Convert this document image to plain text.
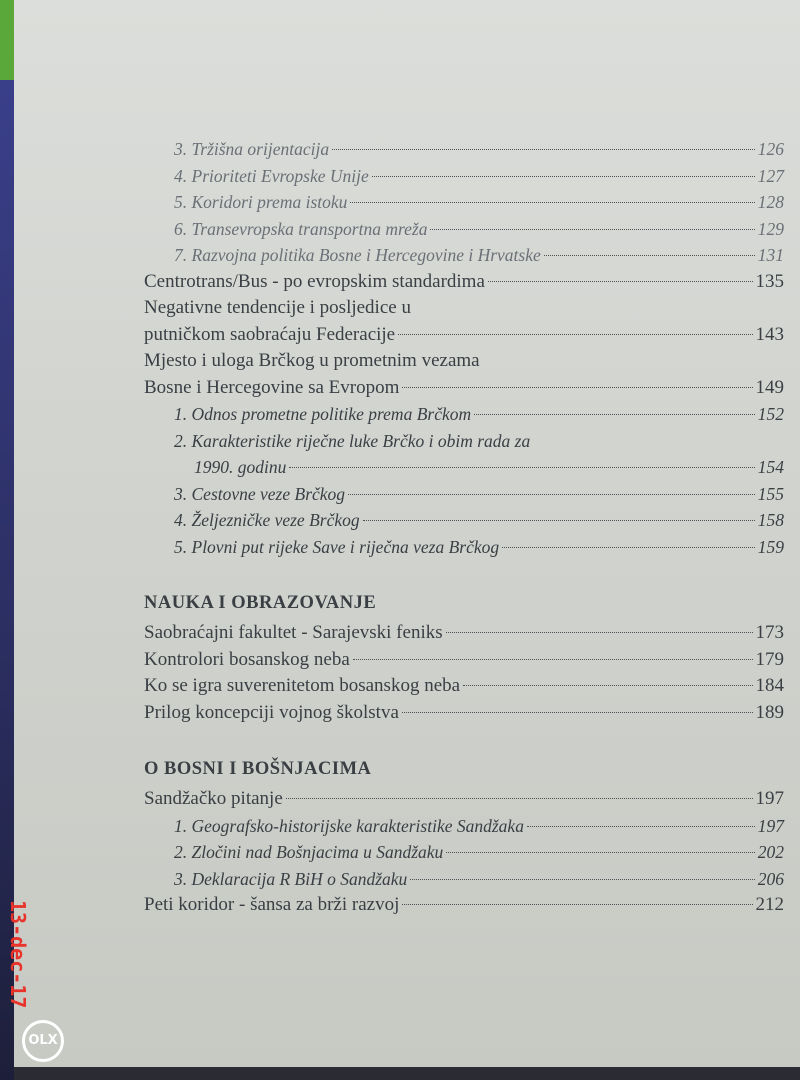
3. Tržišna orijentacija	126
4. Prioriteti Evropske Unije	127
5. Koridori prema istoku	128
6. Transevropska transportna mreža	129
7. Razvojna politika Bosne i Hercegovine i Hrvatske	131
Centrotrans/Bus - po evropskim standardima	135
Negativne tendencije i posljedice u
putničkom saobraćaju Federacije	143
Mjesto i uloga Brčkog u prometnim vezama
Bosne i Hercegovine sa Evropom	149
1. Odnos prometne politike prema Brčkom	152
2. Karakteristike riječne luke Brčko i obim rada za
1990. godinu	154
3. Cestovne veze Brčkog	155
4. Željezničke veze Brčkog	158
5. Plovni put rijeke Save i riječna veza Brčkog	159
NAUKA I OBRAZOVANJE
Saobraćajni fakultet - Sarajevski feniks	173
Kontrolori bosanskog neba	179
Ko se igra suverenitetom bosanskog neba	184
Prilog koncepciji vojnog školstva	189
O BOSNI I BOŠNJACIMA
Sandžačko pitanje	197
1. Geografsko-historijske karakteristike Sandžaka	197
2. Zločini nad Bošnjacima u Sandžaku	202
3. Deklaracija R BiH o Sandžaku	206
Peti koridor - šansa za brži razvoj	212
13-dec-17
OLX
